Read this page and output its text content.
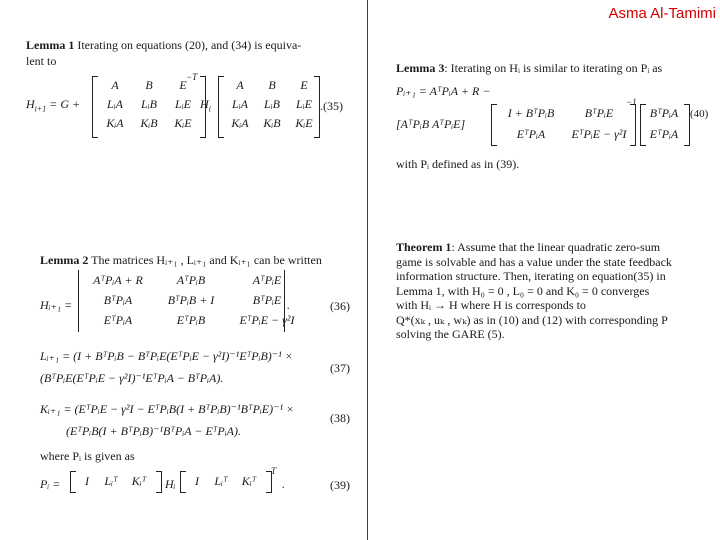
Asma Al-Tamimi
Lemma 1 Iterating on equations (20), and (34) is equiva-
lent to
$H_{i+1} = G$ +
A	B	E
LᵢA	LᵢB	LᵢE
KᵢA	KᵢB	KᵢE
−T
$H_i$
A	B	E
LᵢA	LᵢB	LᵢE
KᵢA	KᵢB	KᵢE
.(35)
Lemma 2 The matrices Hᵢ₊₁ , Lᵢ₊₁ and Kᵢ₊₁ can be written
Hᵢ₊₁ =
AᵀPᵢA + R	AᵀPᵢB	AᵀPᵢE
BᵀPᵢA	BᵀPᵢB + I	BᵀPᵢE
EᵀPᵢA	EᵀPᵢB	EᵀPᵢE − γ²I
.	(36)
Lᵢ₊₁ = (I + BᵀPᵢB − BᵀPᵢE(EᵀPᵢE − γ²I)⁻¹EᵀPᵢB)⁻¹ ×
(BᵀPᵢE(EᵀPᵢE − γ²I)⁻¹EᵀPᵢA − BᵀPᵢA).
(37)
Kᵢ₊₁ = (EᵀPᵢE − γ²I − EᵀPᵢB(I + BᵀPᵢB)⁻¹BᵀPᵢE)⁻¹ ×
(EᵀPᵢB(I + BᵀPᵢB)⁻¹BᵀPᵢA − EᵀPᵢA).
(38)
where Pᵢ is given as
Pᵢ =	I	Lᵢᵀ	Kᵢᵀ	Hᵢ	I	Lᵢᵀ	Kᵢᵀ
T
.	(39)
Lemma 3: Iterating on Hᵢ is similar to iterating on Pᵢ as
Pᵢ₊₁ = AᵀPᵢA + R −
[AᵀPᵢB AᵀPᵢE]
I + BᵀPᵢB	BᵀPᵢE
EᵀPᵢA	EᵀPᵢE − γ²I
−1
BᵀPᵢA
EᵀPᵢA
(40)
with Pᵢ defined as in (39).
Theorem 1: Assume that the linear quadratic zero-sum
game is solvable and has a value under the state feedback
information structure. Then, iterating on equation(35) in
Lemma 1, with H₀ = 0 , L₀ = 0 and K₀ = 0 converges
with Hᵢ → H where H is corresponds to
Q*(xₖ , uₖ , wₖ) as in (10) and (12) with corresponding P
solving the GARE (5).
